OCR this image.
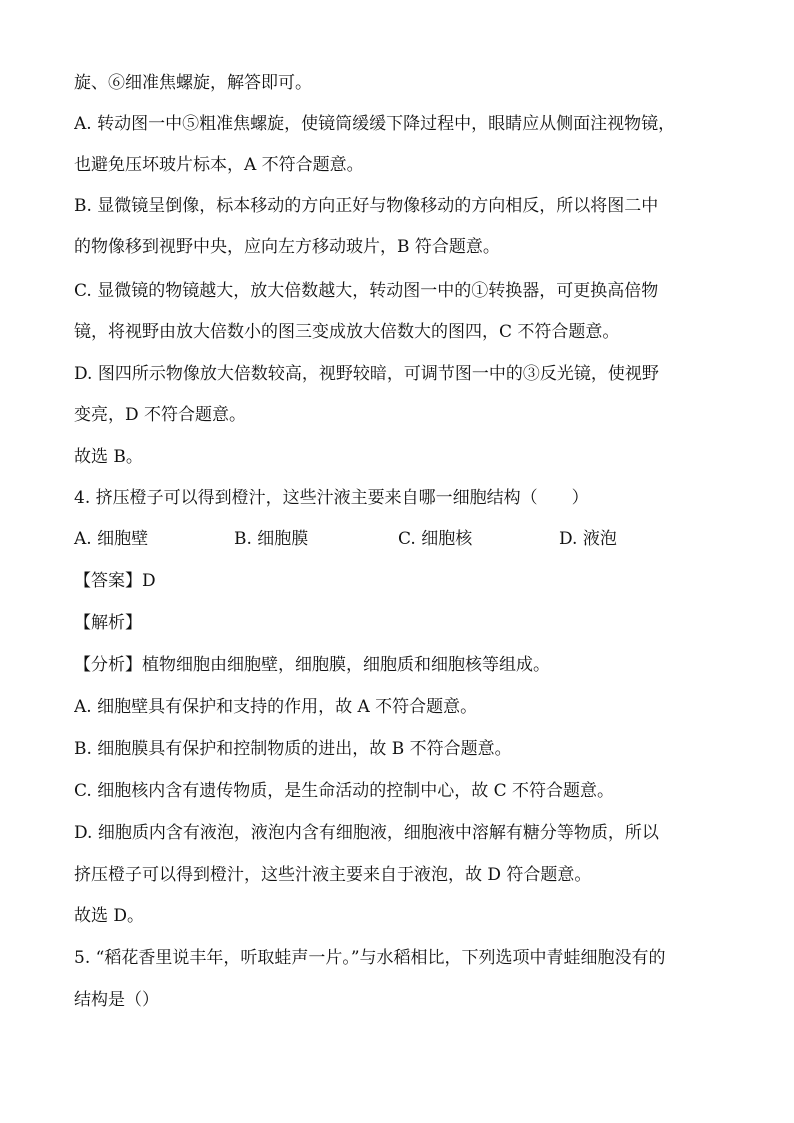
旋、⑥细准焦螺旋，解答即可。
A. 转动图一中⑤粗准焦螺旋，使镜筒缓缓下降过程中，眼睛应从侧面注视物镜，
也避免压坏玻片标本，A 不符合题意。
B. 显微镜呈倒像，标本移动的方向正好与物像移动的方向相反，所以将图二中
的物像移到视野中央，应向左方移动玻片，B 符合题意。
C. 显微镜的物镜越大，放大倍数越大，转动图一中的①转换器，可更换高倍物
镜，将视野由放大倍数小的图三变成放大倍数大的图四，C 不符合题意。
D. 图四所示物像放大倍数较高，视野较暗，可调节图一中的③反光镜，使视野
变亮，D 不符合题意。
故选 B。
4. 挤压橙子可以得到橙汁，这些汁液主要来自哪一细胞结构（　　）
A. 细胞壁	B. 细胞膜	C. 细胞核	D. 液泡
【答案】D
【解析】
【分析】植物细胞由细胞壁，细胞膜，细胞质和细胞核等组成。
A. 细胞壁具有保护和支持的作用，故 A 不符合题意。
B. 细胞膜具有保护和控制物质的进出，故 B 不符合题意。
C. 细胞核内含有遗传物质，是生命活动的控制中心，故 C 不符合题意。
D. 细胞质内含有液泡，液泡内含有细胞液，细胞液中溶解有糖分等物质，所以
挤压橙子可以得到橙汁，这些汁液主要来自于液泡，故 D 符合题意。
故选 D。
5. “稻花香里说丰年，听取蛙声一片。”与水稻相比，下列选项中青蛙细胞没有的
结构是（）
